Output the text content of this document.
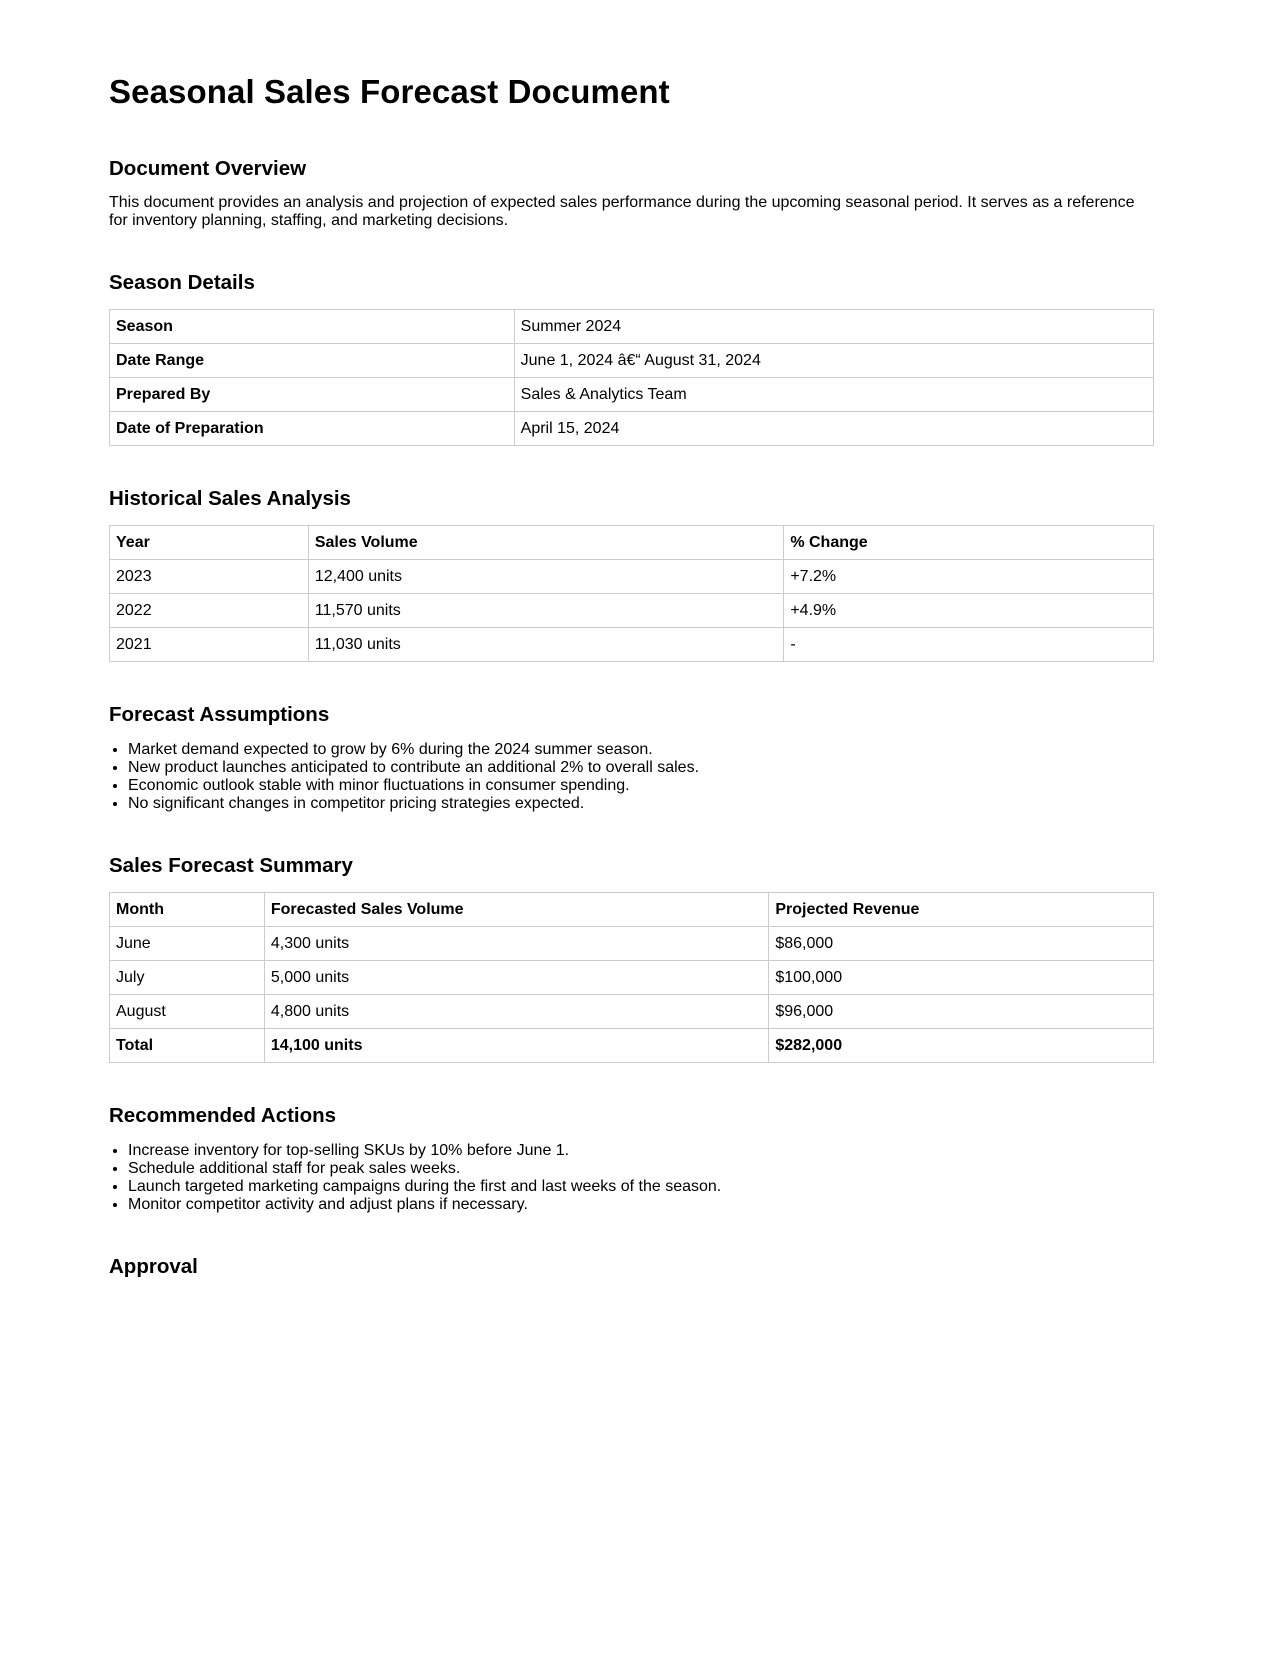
Seasonal Sales Forecast Document
Document Overview

This document provides an analysis and projection of expected sales performance during the upcoming seasonal period. It serves as a reference for inventory planning, staffing, and marketing decisions.

Season Details
Season	Summer 2024
Date Range	June 1, 2024 â€“ August 31, 2024
Prepared By	Sales & Analytics Team
Date of Preparation	April 15, 2024
Historical Sales Analysis
Year	Sales Volume	% Change
2023	12,400 units	+7.2%
2022	11,570 units	+4.9%
2021	11,030 units	-
Forecast Assumptions
• Market demand expected to grow by 6% during the 2024 summer season.
• New product launches anticipated to contribute an additional 2% to overall sales.
• Economic outlook stable with minor fluctuations in consumer spending.
• No significant changes in competitor pricing strategies expected.
Sales Forecast Summary
Month	Forecasted Sales Volume	Projected Revenue
June	4,300 units	$86,000
July	5,000 units	$100,000
August	4,800 units	$96,000
Total	14,100 units	$282,000
Recommended Actions
• Increase inventory for top-selling SKUs by 10% before June 1.
• Schedule additional staff for peak sales weeks.
• Launch targeted marketing campaigns during the first and last weeks of the season.
• Monitor competitor activity and adjust plans if necessary.
Approval
